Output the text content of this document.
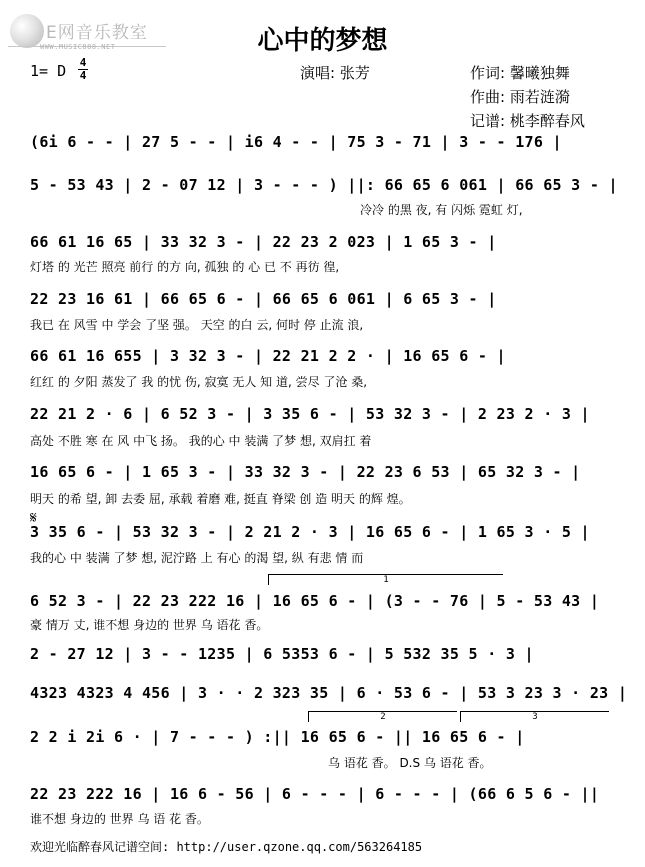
E网音乐教室
WWW.MUSIC888.NET	心中的梦想
1= D 4
4	演唱: 张芳	作词: 馨曦独舞
作曲: 雨若涟漪
记谱: 桃李醉春风
(6i 6 - - | 27 5 - - | i6 4 - - | 75 3 - 71 | 3 - - 176 |
5 - 53 43 | 2 - 07 12 | 3 - - - ) ||: 66 65 6 061 | 66 65 3 - |
冷冷 的黑 夜, 有 闪烁 霓虹 灯,
66 61 16 65 | 33 32 3 - | 22 23 2 023 | 1 65 3 - |
灯塔 的 光芒 照亮 前行 的方 向, 孤独 的 心 已 不 再彷 徨,
22 23 16 61 | 66 65 6 - | 66 65 6 061 | 6 65 3 - |
我已 在 风雪 中 学会 了坚 强。 天空 的白 云, 何时 停 止流 浪,
66 61 16 655 | 3 32 3 - | 22 21 2 2 · | 16 65 6 - |
红红 的 夕阳 蒸发了 我 的忧 伤, 寂寞 无人 知 道, 尝尽 了沧 桑,
22 21 2 · 6 | 6 52 3 - | 3 35 6 - | 53 32 3 - | 2 23 2 · 3 |
高处 不胜 寒 在 风 中飞 扬。 我的心 中 装满 了梦 想, 双肩扛 着
16 65 6 - | 1 65 3 - | 33 32 3 - | 22 23 6 53 | 65 32 3 - |
明天 的希 望, 卸 去委 屈, 承载 着磨 难, 挺直 脊梁 创 造 明天 的辉 煌。
𝄋
3 35 6 - | 53 32 3 - | 2 21 2 · 3 | 16 65 6 - | 1 65 3 · 5 |
我的心 中 装满 了梦 想, 泥泞路 上 有心 的渴 望, 纵 有悲 情 而
1
6 52 3 - | 22 23 222 16 | 16 65 6 - | (3 - - 76 | 5 - 53 43 |
豪 情万 丈, 谁不想 身边的 世界 乌 语花 香。
2 - 27 12 | 3 - - 1235 | 6 5353 6 - | 5 532 35 5 · 3 |
4323 4323 4 456 | 3 · · 2 323 35 | 6 · 53 6 - | 53 3 23 3 · 23 |
2	3
2 2 i 2i 6 · | 7 - - - ) :|| 16 65 6 - || 16 65 6 - |
乌 语花 香。 D.S 乌 语花 香。
22 23 222 16 | 16 6 - 56 | 6 - - - | 6 - - - | (66 6 5 6 - ||
谁不想 身边的 世界 乌 语 花 香。
欢迎光临醉春风记谱空间: http://user.qzone.qq.com/563264185
